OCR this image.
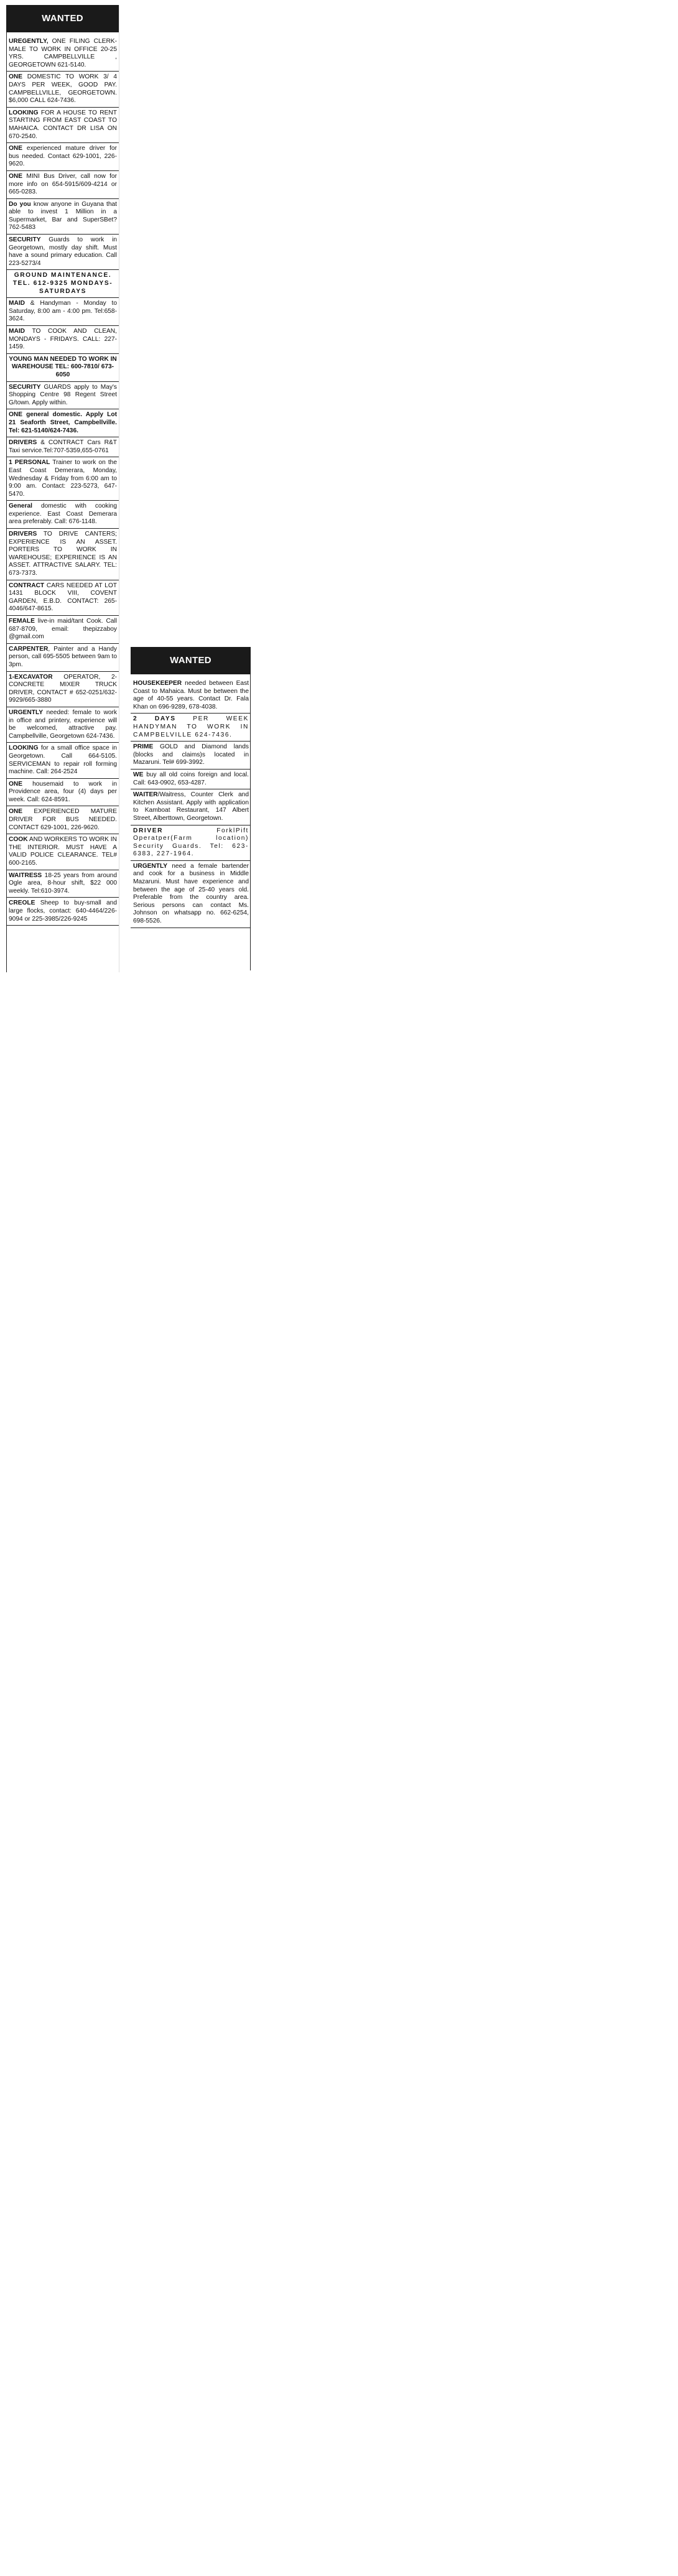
WANTED
UREGENTLY, ONE FILING CLERK- MALE TO WORK IN OFFICE 20-25 YRS. CAMPBELLVILLE , GEORGETOWN 621-5140.
ONE DOMESTIC TO WORK 3/ 4 DAYS PER WEEK, GOOD PAY. CAMPBELLVILLE, GEORGETOWN. $6,000 CALL 624-7436.
LOOKING FOR A HOUSE TO RENT STARTING FROM EAST COAST TO MAHAICA. CONTACT DR LISA ON 670-2540.
ONE experienced mature driver for bus needed. Contact 629-1001, 226-9620.
ONE MINI Bus Driver, call now for more info on 654-5915/609-4214 or 665-0283.
Do you know anyone in Guyana that able to invest 1 Million in a Supermarket, Bar and SuperSBet? 762-5483
SECURITY Guards to work in Georgetown, mostly day shift. Must have a sound primary education. Call 223-5273/4
GROUND MAINTENANCE. TEL. 612-9325 MONDAYS-SATURDAYS
MAID & Handyman - Monday to Saturday, 8:00 am - 4:00 pm. Tel:658-3624.
MAID TO COOK AND CLEAN, MONDAYS - FRIDAYS. CALL: 227-1459.
YOUNG MAN NEEDED TO WORK IN WAREHOUSE TEL: 600-7810/ 673-6050
SECURITY GUARDS apply to May's Shopping Centre 98 Regent Street G/town. Apply within.
ONE general domestic. Apply Lot 21 Seaforth Street, Campbellville. Tel: 621-5140/624-7436.
DRIVERS & CONTRACT Cars R&T Taxi service.Tel:707-5359,655-0761
1 PERSONAL Trainer to work on the East Coast Demerara, Monday, Wednesday & Friday from 6:00 am to 9:00 am. Contact: 223-5273, 647-5470.
General domestic with cooking experience. East Coast Demerara area preferably. Call: 676-1148.
DRIVERS TO DRIVE CANTERS; EXPERIENCE IS AN ASSET. PORTERS TO WORK IN WAREHOUSE; EXPERIENCE IS AN ASSET. ATTRACTIVE SALARY. TEL: 673-7373.
CONTRACT CARS NEEDED AT LOT 1431 BLOCK VIII, COVENT GARDEN, E.B.D. CONTACT: 265-4046/647-8615.
FEMALE live-in maid/tant Cook. Call 687-8709, email: thepizzaboy @gmail.com
CARPENTER, Painter and a Handy person, call 695-5505 between 9am to 3pm.
1-EXCAVATOR OPERATOR, 2- CONCRETE MIXER TRUCK DRIVER, CONTACT # 652-0251/632-9929/665-3880
URGENTLY needed: female to work in office and printery, experience will be welcomed, attractive pay. Campbellville, Georgetown 624-7436.
LOOKING for a small office space in Georgetown. Call 664-5105. SERVICEMAN to repair roll forming machine. Call: 264-2524
ONE housemaid to work in Providence area, four (4) days per week. Call: 624-8591.
ONE EXPERIENCED MATURE DRIVER FOR BUS NEEDED. CONTACT 629-1001, 226-9620.
COOK AND WORKERS TO WORK IN THE INTERIOR. MUST HAVE A VALID POLICE CLEARANCE. TEL# 600-2165.
WAITRESS 18-25 years from around Ogle area, 8-hour shift, $22 000 weekly. Tel:610-3974.
CREOLE Sheep to buy-small and large flocks, contact: 640-4464/226-9094 or 225-3985/226-9245
WANTED
HOUSEKEEPER needed between East Coast to Mahaica. Must be between the age of 40-55 years. Contact Dr. Fala Khan on 696-9289, 678-4038.
2 DAYS PER WEEK HANDYMAN TO WORK IN CAMPBELVILLE 624-7436.
PRIME GOLD and Diamond lands (blocks and claims)s located in Mazaruni. Tel# 699-3992.
WE buy all old coins foreign and local. Call: 643-0902, 653-4287.
WAITER/Waitress, Counter Clerk and Kitchen Assistant. Apply with application to Kamboat Restaurant, 147 Albert Street, Alberttown, Georgetown.
DRIVER ForklPift Operatper(Farm location) Security Guards. Tel: 623-6383, 227-1964.
URGENTLY need a female bartender and cook for a business in Middle Mazaruni. Must have experience and between the age of 25-40 years old. Preferable from the country area. Serious persons can contact Ms. Johnson on whatsapp no. 662-6254, 698-5526.
